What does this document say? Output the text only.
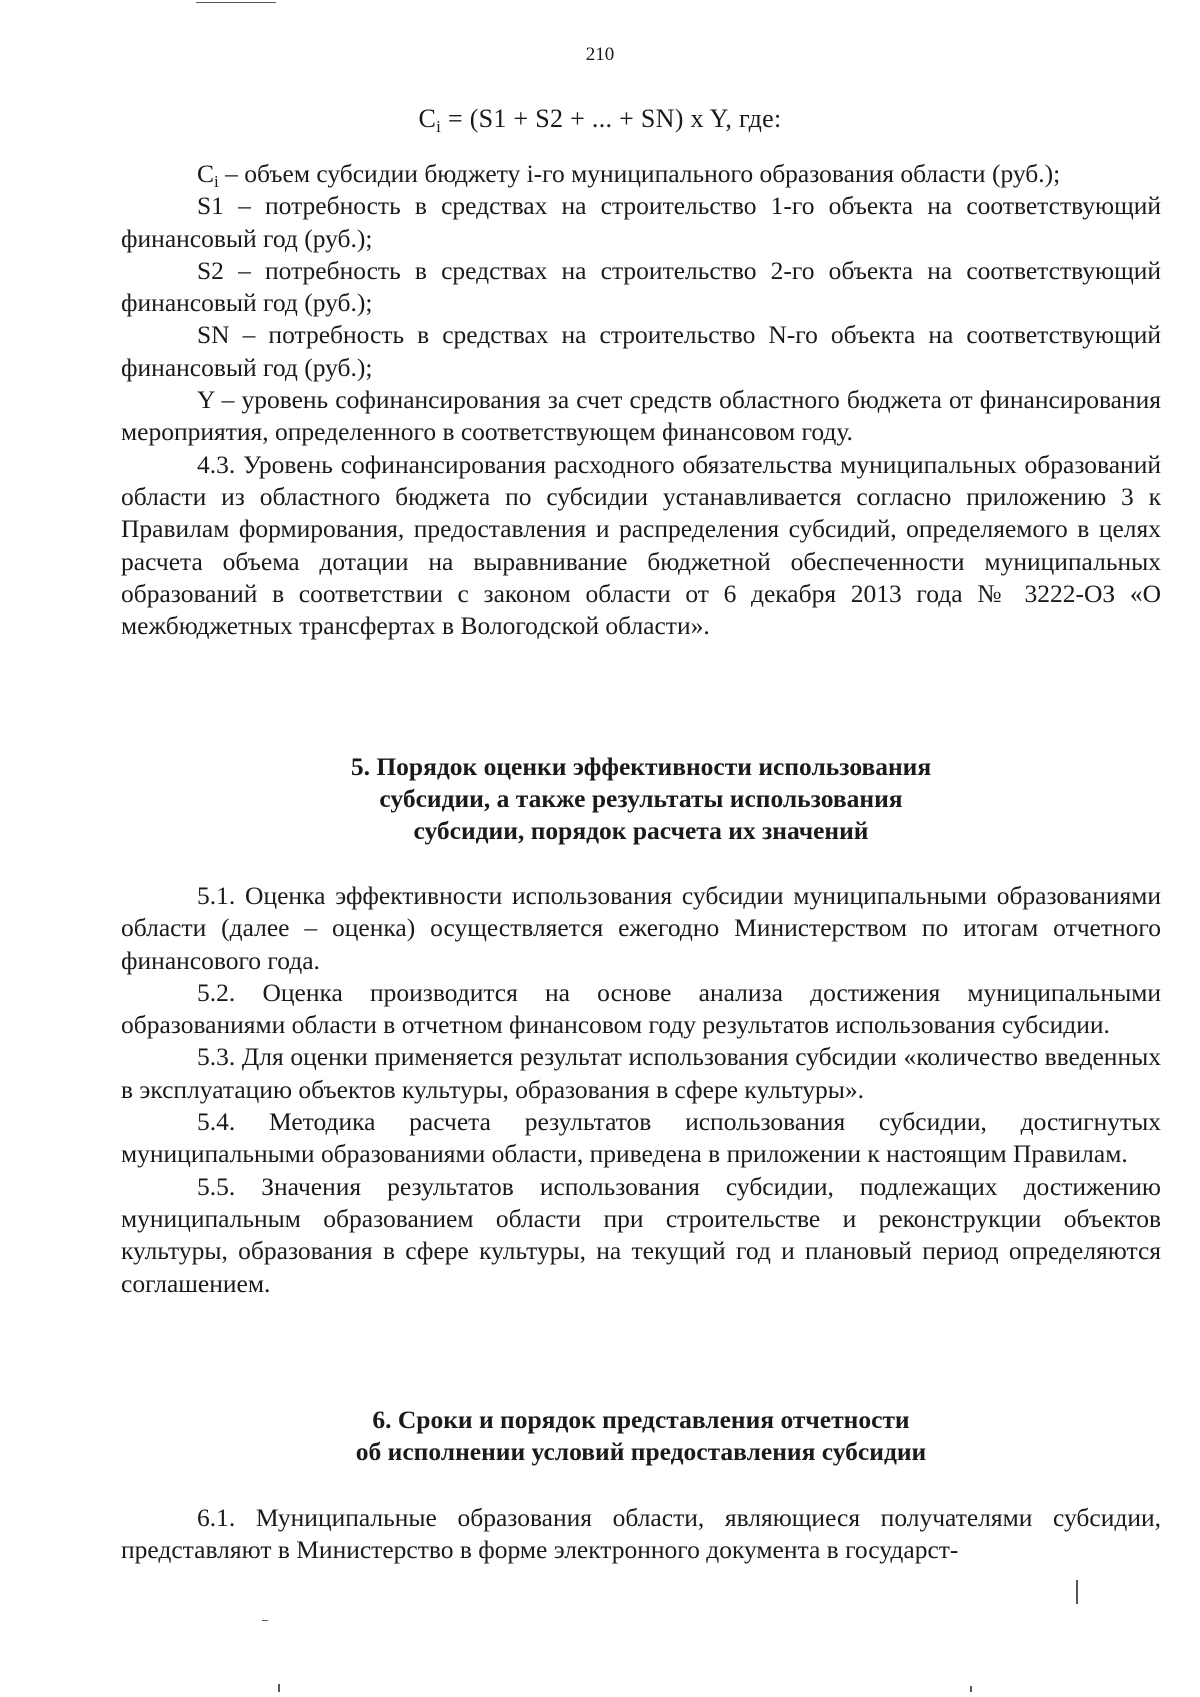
210
$C_i = (S1 + S2$ + ... + SN) x Y, где:

$C_i$ – объем субсидии бюджету i-го муниципального образования области (руб.);

S1 – потребность в средствах на строительство 1-го объекта на соответствующий финансовый год (руб.);

S2 – потребность в средствах на строительство 2-го объекта на соответствующий финансовый год (руб.);

SN – потребность в средствах на строительство N-го объекта на соответствующий финансовый год (руб.);

Y – уровень софинансирования за счет средств областного бюджета от финансирования мероприятия, определенного в соответствующем финансовом году.

4.3. Уровень софинансирования расходного обязательства муниципальных образований области из областного бюджета по субсидии устанавливается согласно приложению 3 к Правилам формирования, предоставления и распределения субсидий, определяемого в целях расчета объема дотации на выравнивание бюджетной обеспеченности муниципальных образований в соответствии с законом области от 6 декабря 2013 года № 3222-ОЗ «О межбюджетных трансфертах в Вологодской области».

5. Порядок оценки эффективности использования
субсидии, а также результаты использования
субсидии, порядок расчета их значений

5.1. Оценка эффективности использования субсидии муниципальными образованиями области (далее – оценка) осуществляется ежегодно Министерством по итогам отчетного финансового года.

5.2. Оценка производится на основе анализа достижения муниципальными образованиями области в отчетном финансовом году результатов использования субсидии.

5.3. Для оценки применяется результат использования субсидии «количество введенных в эксплуатацию объектов культуры, образования в сфере культуры».

5.4. Методика расчета результатов использования субсидии, достигнутых муниципальными образованиями области, приведена в приложении к настоящим Правилам.

5.5. Значения результатов использования субсидии, подлежащих достижению муниципальным образованием области при строительстве и реконструкции объектов культуры, образования в сфере культуры, на текущий год и плановый период определяются соглашением.

6. Сроки и порядок представления отчетности
об исполнении условий предоставления субсидии

6.1. Муниципальные образования области, являющиеся получателями субсидии, представляют в Министерство в форме электронного документа в государст-
